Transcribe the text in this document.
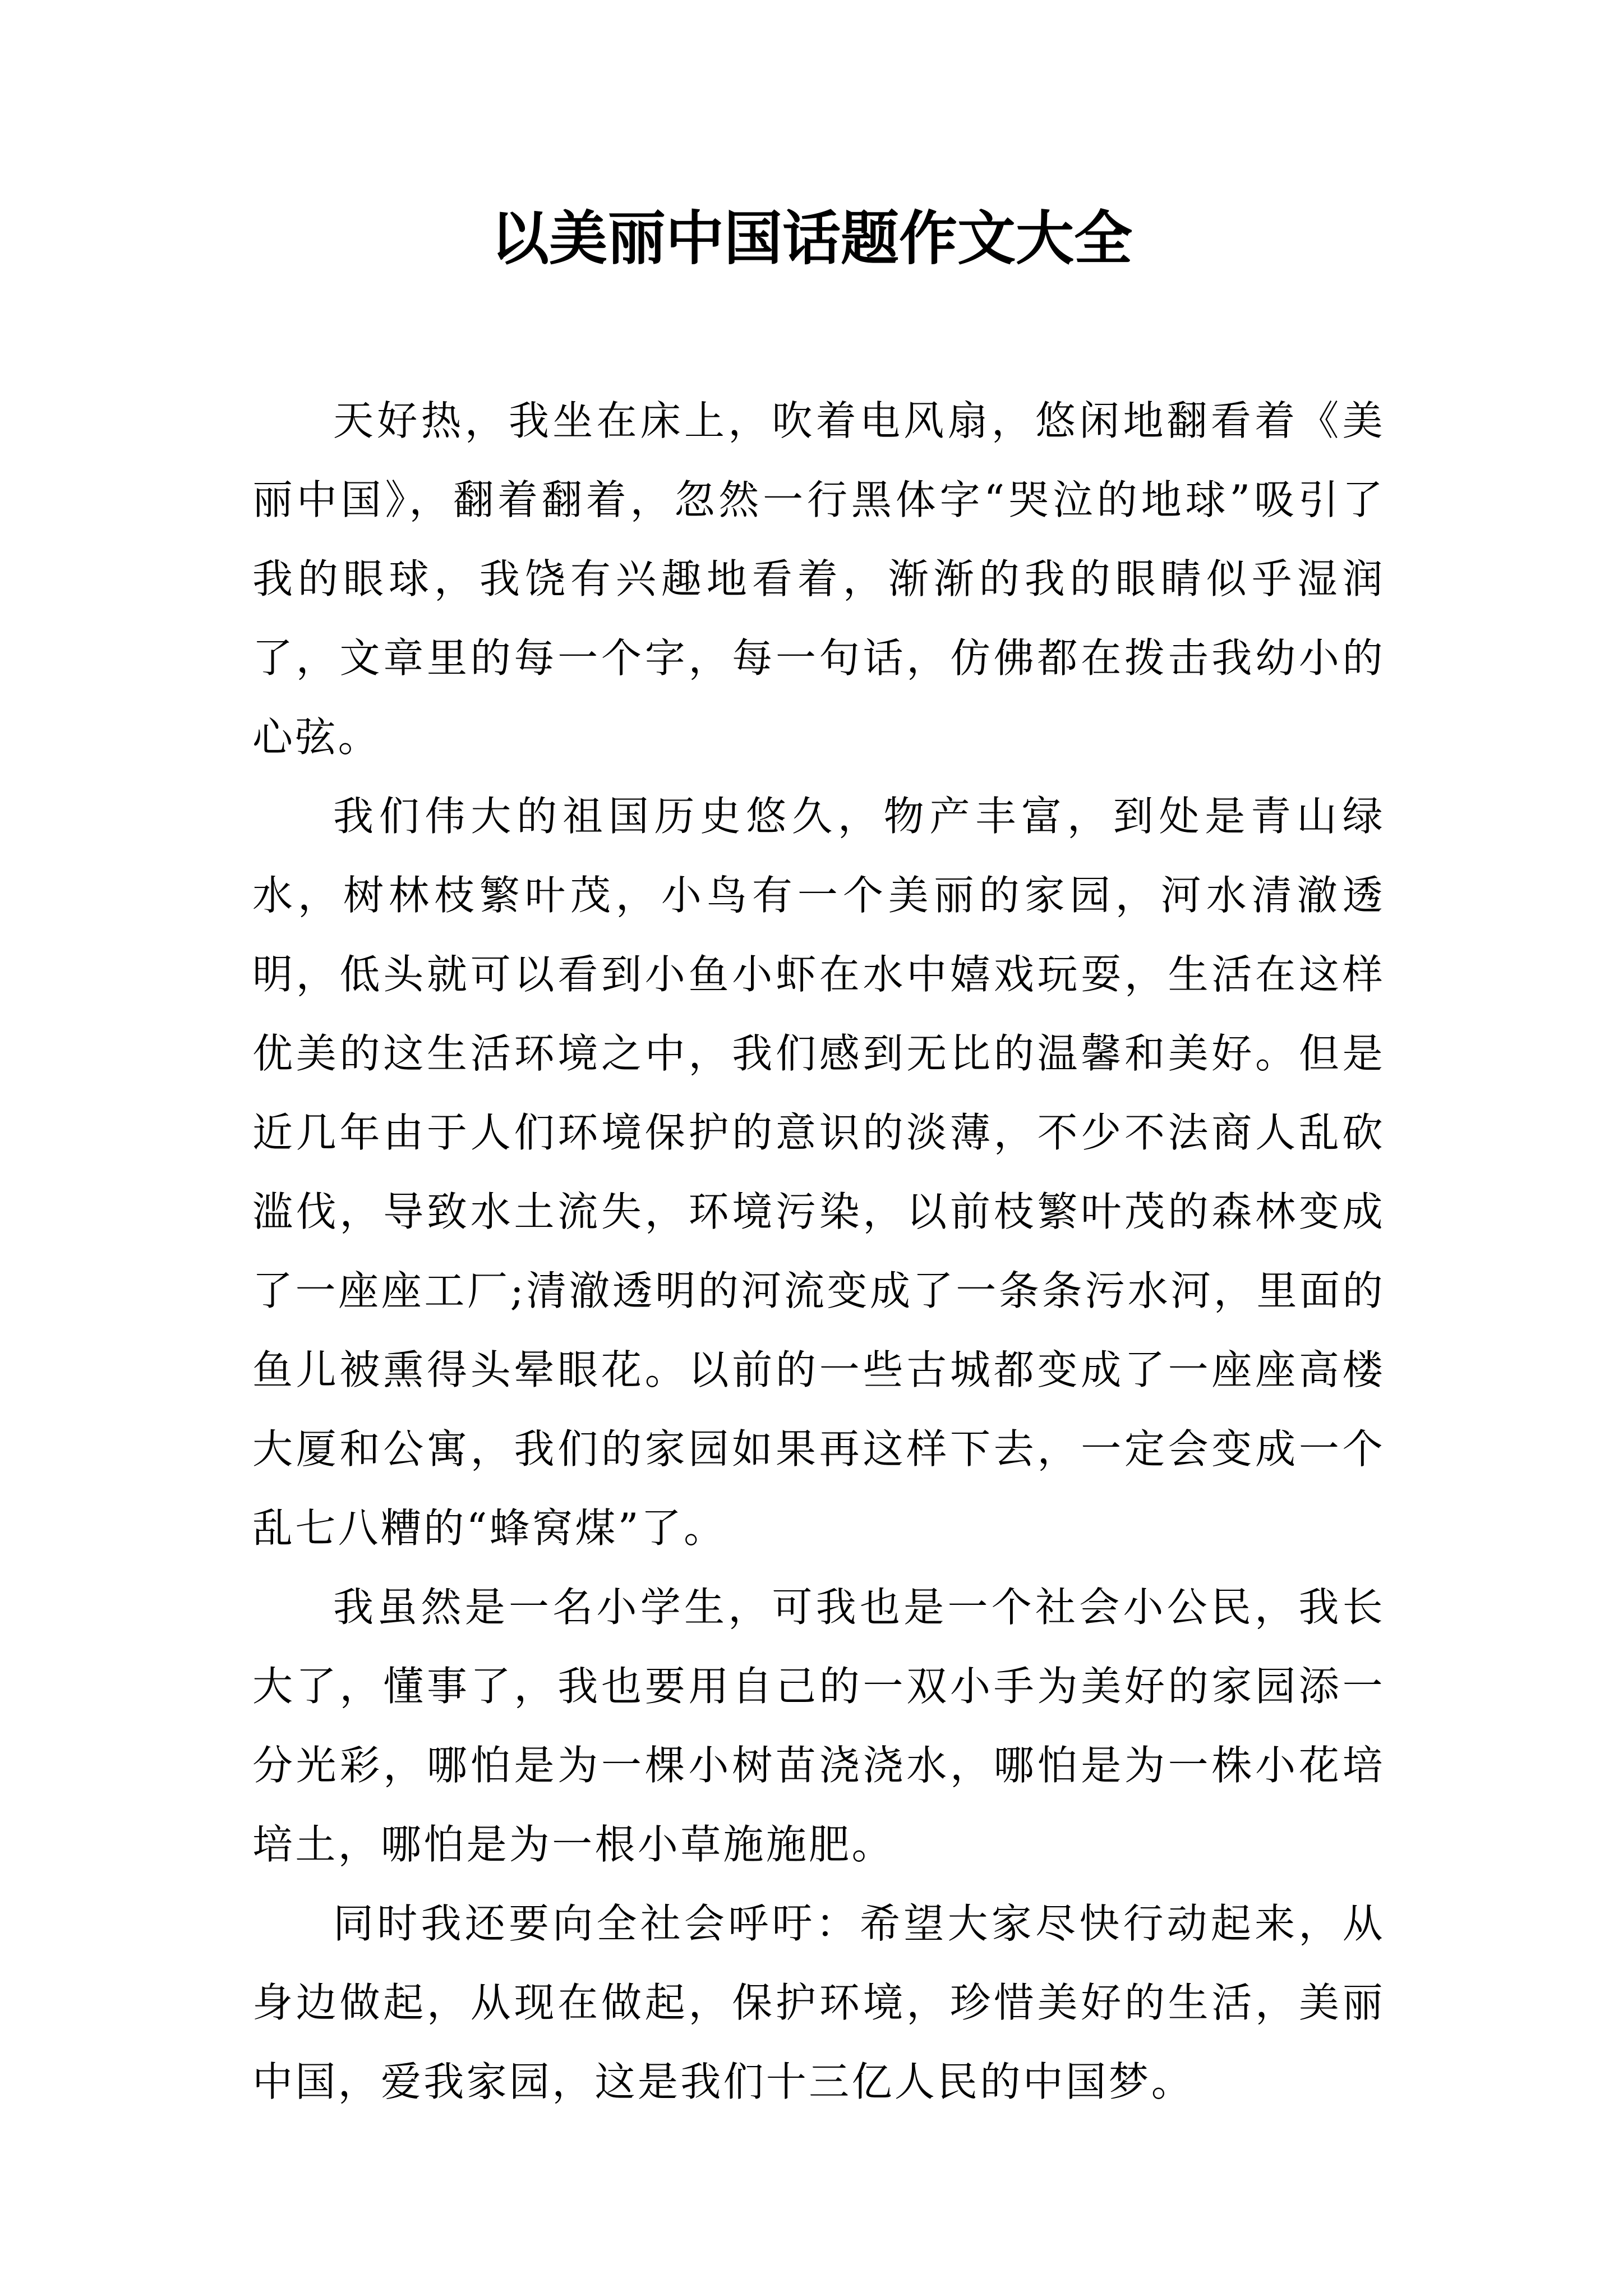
以美丽中国话题作文大全

天好热，我坐在床上，吹着电风扇，悠闲地翻看着《美丽中国》，翻着翻着，忽然一行黑体字“哭泣的地球”吸引了我的眼球，我饶有兴趣地看着，渐渐的我的眼睛似乎湿润了，文章里的每一个字，每一句话，仿佛都在拨击我幼小的心弦。

我们伟大的祖国历史悠久，物产丰富，到处是青山绿水，树林枝繁叶茂，小鸟有一个美丽的家园，河水清澈透明，低头就可以看到小鱼小虾在水中嬉戏玩耍，生活在这样优美的这生活环境之中，我们感到无比的温馨和美好。但是近几年由于人们环境保护的意识的淡薄，不少不法商人乱砍滥伐，导致水土流失，环境污染，以前枝繁叶茂的森林变成了一座座工厂;清澈透明的河流变成了一条条污水河，里面的鱼儿被熏得头晕眼花。以前的一些古城都变成了一座座高楼大厦和公寓，我们的家园如果再这样下去，一定会变成一个乱七八糟的“蜂窝煤”了。

我虽然是一名小学生，可我也是一个社会小公民，我长大了，懂事了，我也要用自己的一双小手为美好的家园添一分光彩，哪怕是为一棵小树苗浇浇水，哪怕是为一株小花培培土，哪怕是为一根小草施施肥。

同时我还要向全社会呼吁：希望大家尽快行动起来，从身边做起，从现在做起，保护环境，珍惜美好的生活，美丽中国，爱我家园，这是我们十三亿人民的中国梦。
